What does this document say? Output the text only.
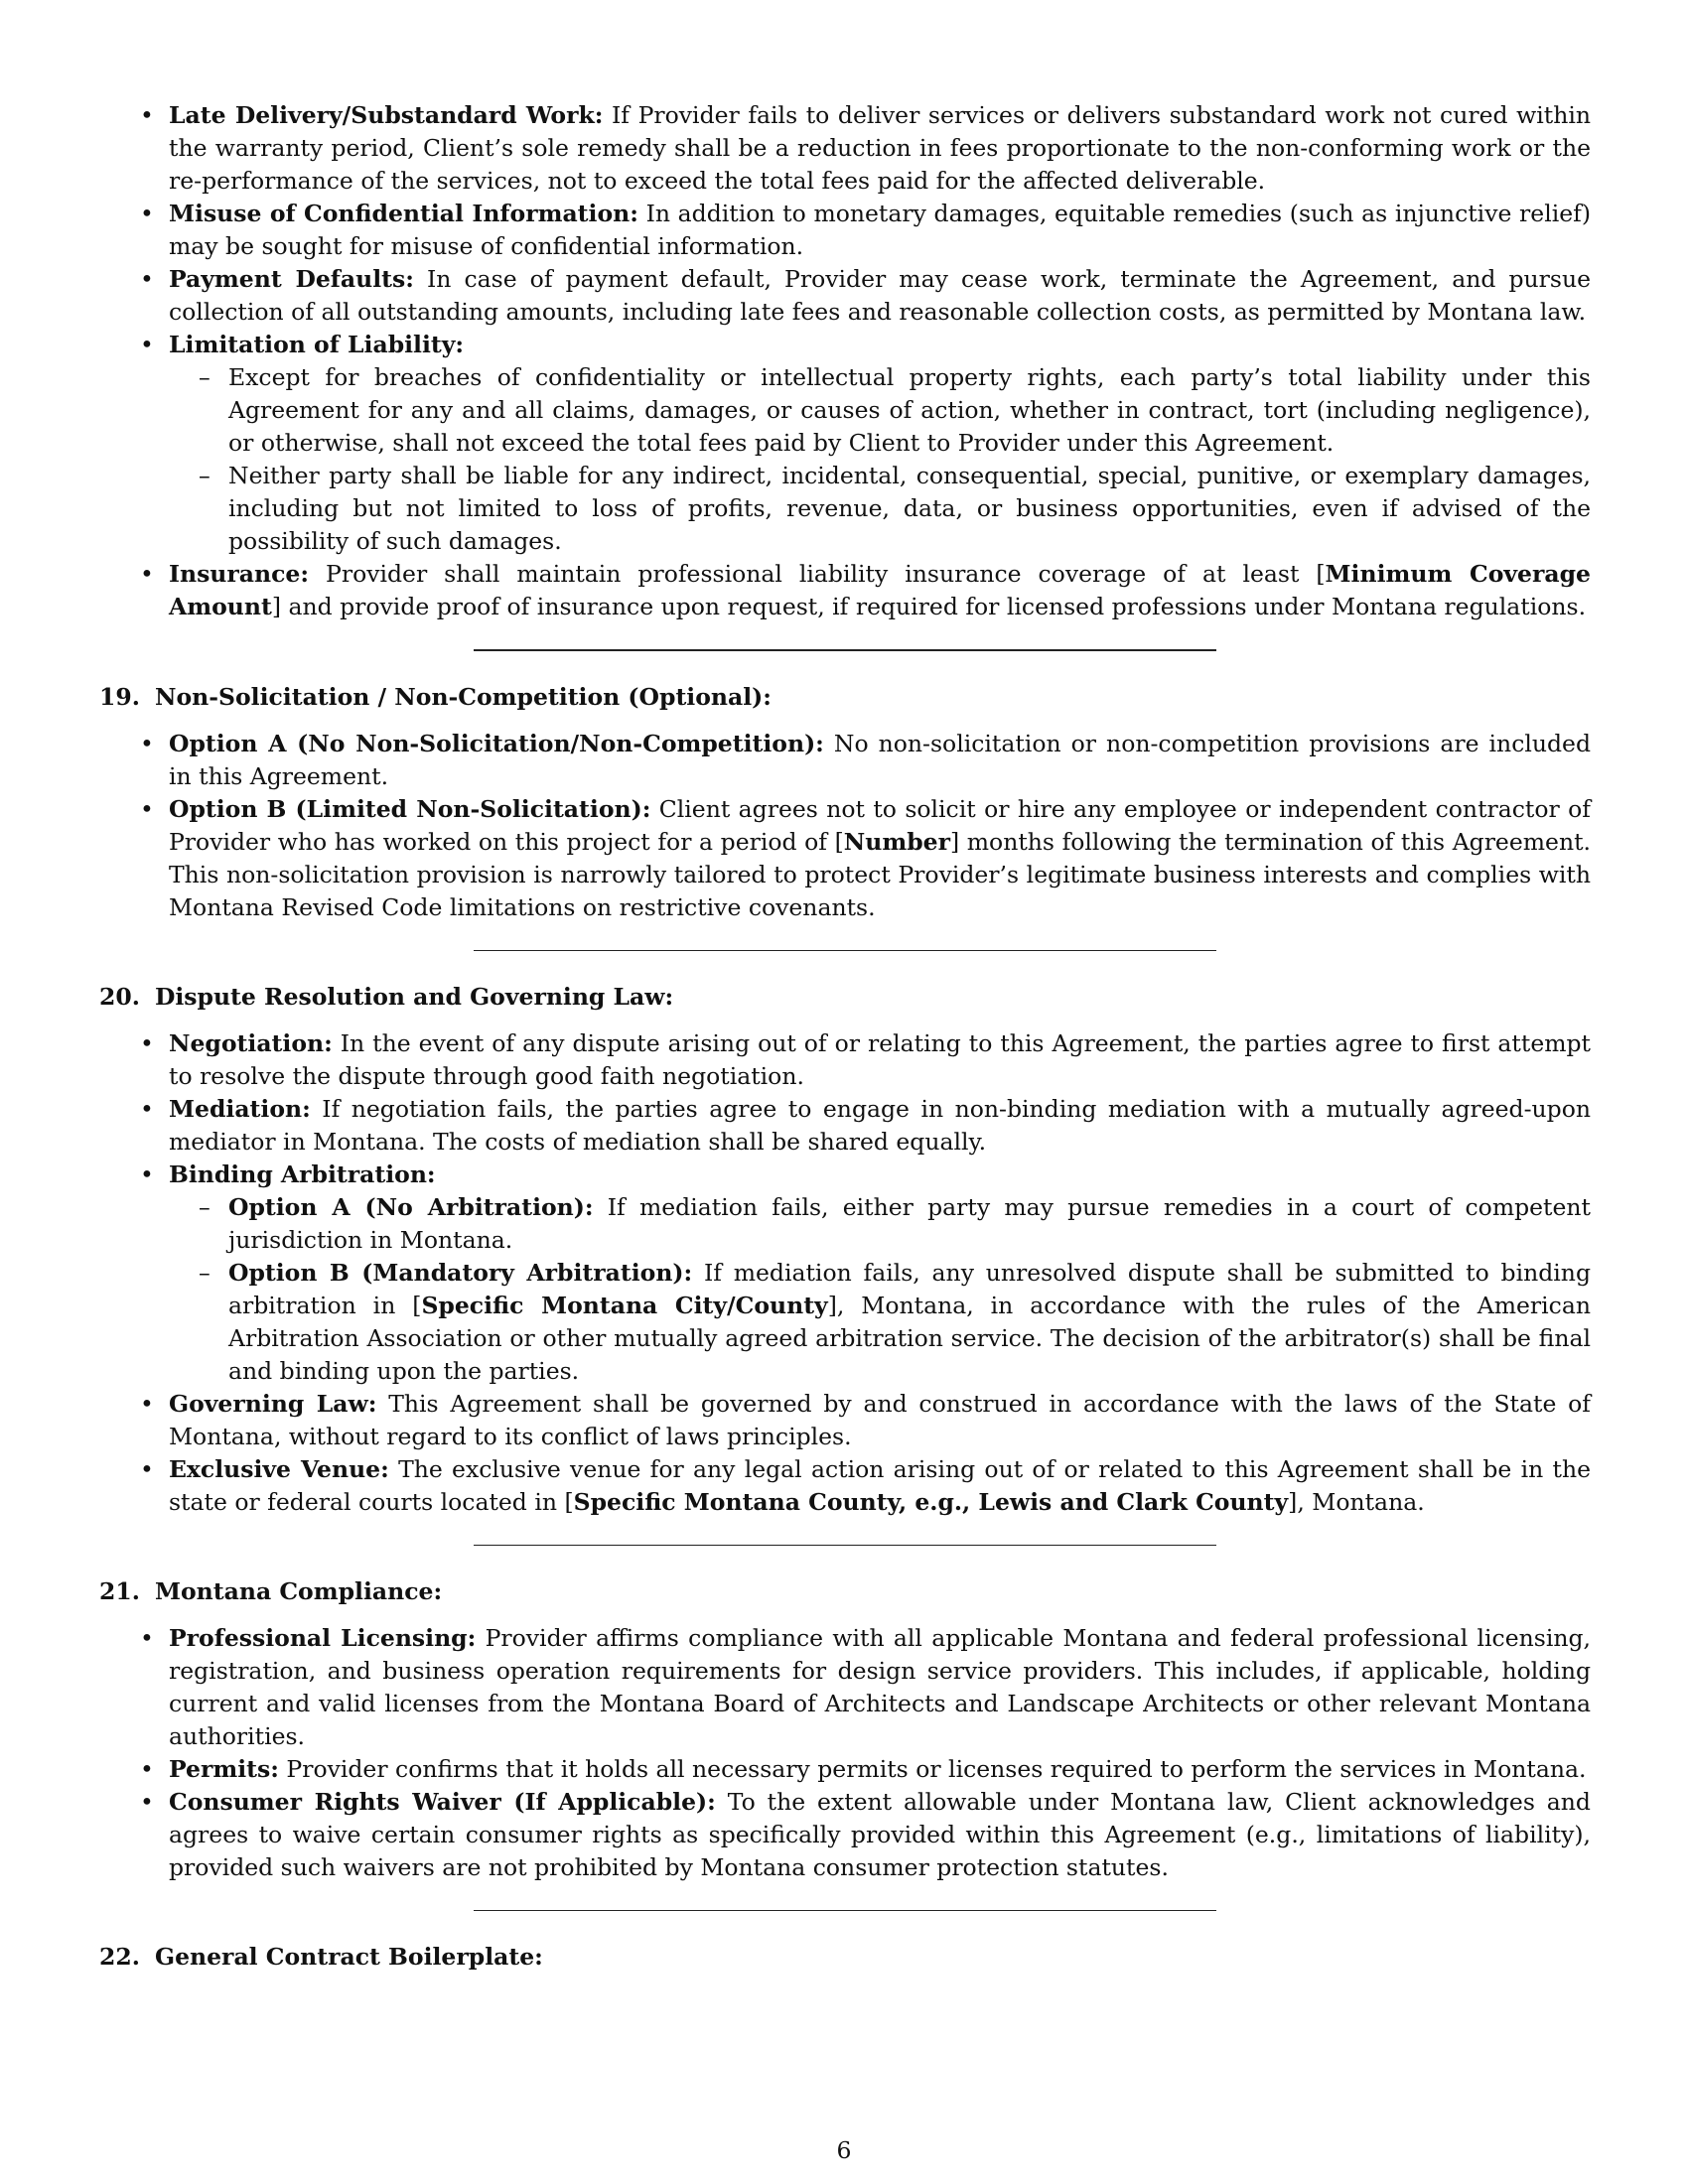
• Late Delivery/Substandard Work: If Provider fails to deliver services or delivers substandard work not cured within the warranty period, Client’s sole remedy shall be a reduction in fees proportionate to the non-conforming work or the re-performance of the services, not to exceed the total fees paid for the affected deliverable.
• Misuse of Confidential Information: In addition to monetary damages, equitable remedies (such as injunctive relief) may be sought for misuse of confidential information.
• Payment Defaults: In case of payment default, Provider may cease work, terminate the Agreement, and pursue collection of all outstanding amounts, including late fees and reasonable collection costs, as permitted by Montana law.
• Limitation of Liability:
– Except for breaches of confidentiality or intellectual property rights, each party’s total liability under this Agreement for any and all claims, damages, or causes of action, whether in contract, tort (including negligence), or otherwise, shall not exceed the total fees paid by Client to Provider under this Agreement.
– Neither party shall be liable for any indirect, incidental, consequential, special, punitive, or exemplary damages, including but not limited to loss of profits, revenue, data, or business opportunities, even if advised of the possibility of such damages.
• Insurance: Provider shall maintain professional liability insurance coverage of at least [Minimum Coverage Amount] and provide proof of insurance upon request, if required for licensed professions under Montana regulations.
19. Non-Solicitation / Non-Competition (Optional):
• Option A (No Non-Solicitation/Non-Competition): No non-solicitation or non-competition provisions are included in this Agreement.
• Option B (Limited Non-Solicitation): Client agrees not to solicit or hire any employee or independent contractor of Provider who has worked on this project for a period of [Number] months following the termination of this Agreement. This non-solicitation provision is narrowly tailored to protect Provider’s legitimate business interests and complies with Montana Revised Code limitations on restrictive covenants.
20. Dispute Resolution and Governing Law:
• Negotiation: In the event of any dispute arising out of or relating to this Agreement, the parties agree to first attempt to resolve the dispute through good faith negotiation.
• Mediation: If negotiation fails, the parties agree to engage in non-binding mediation with a mutually agreed-upon mediator in Montana. The costs of mediation shall be shared equally.
• Binding Arbitration:
– Option A (No Arbitration): If mediation fails, either party may pursue remedies in a court of competent jurisdiction in Montana.
– Option B (Mandatory Arbitration): If mediation fails, any unresolved dispute shall be submitted to binding arbitration in [Specific Montana City/County], Montana, in accordance with the rules of the American Arbitration Association or other mutually agreed arbitration service. The decision of the arbitrator(s) shall be final and binding upon the parties.
• Governing Law: This Agreement shall be governed by and construed in accordance with the laws of the State of Montana, without regard to its conflict of laws principles.
• Exclusive Venue: The exclusive venue for any legal action arising out of or related to this Agreement shall be in the state or federal courts located in [Specific Montana County, e.g., Lewis and Clark County], Montana.
21. Montana Compliance:
• Professional Licensing: Provider affirms compliance with all applicable Montana and federal professional licensing, registration, and business operation requirements for design service providers. This includes, if applicable, holding current and valid licenses from the Montana Board of Architects and Landscape Architects or other relevant Montana authorities.
• Permits: Provider confirms that it holds all necessary permits or licenses required to perform the services in Montana.
• Consumer Rights Waiver (If Applicable): To the extent allowable under Montana law, Client acknowledges and agrees to waive certain consumer rights as specifically provided within this Agreement (e.g., limitations of liability), provided such waivers are not prohibited by Montana consumer protection statutes.
22. General Contract Boilerplate:
6
